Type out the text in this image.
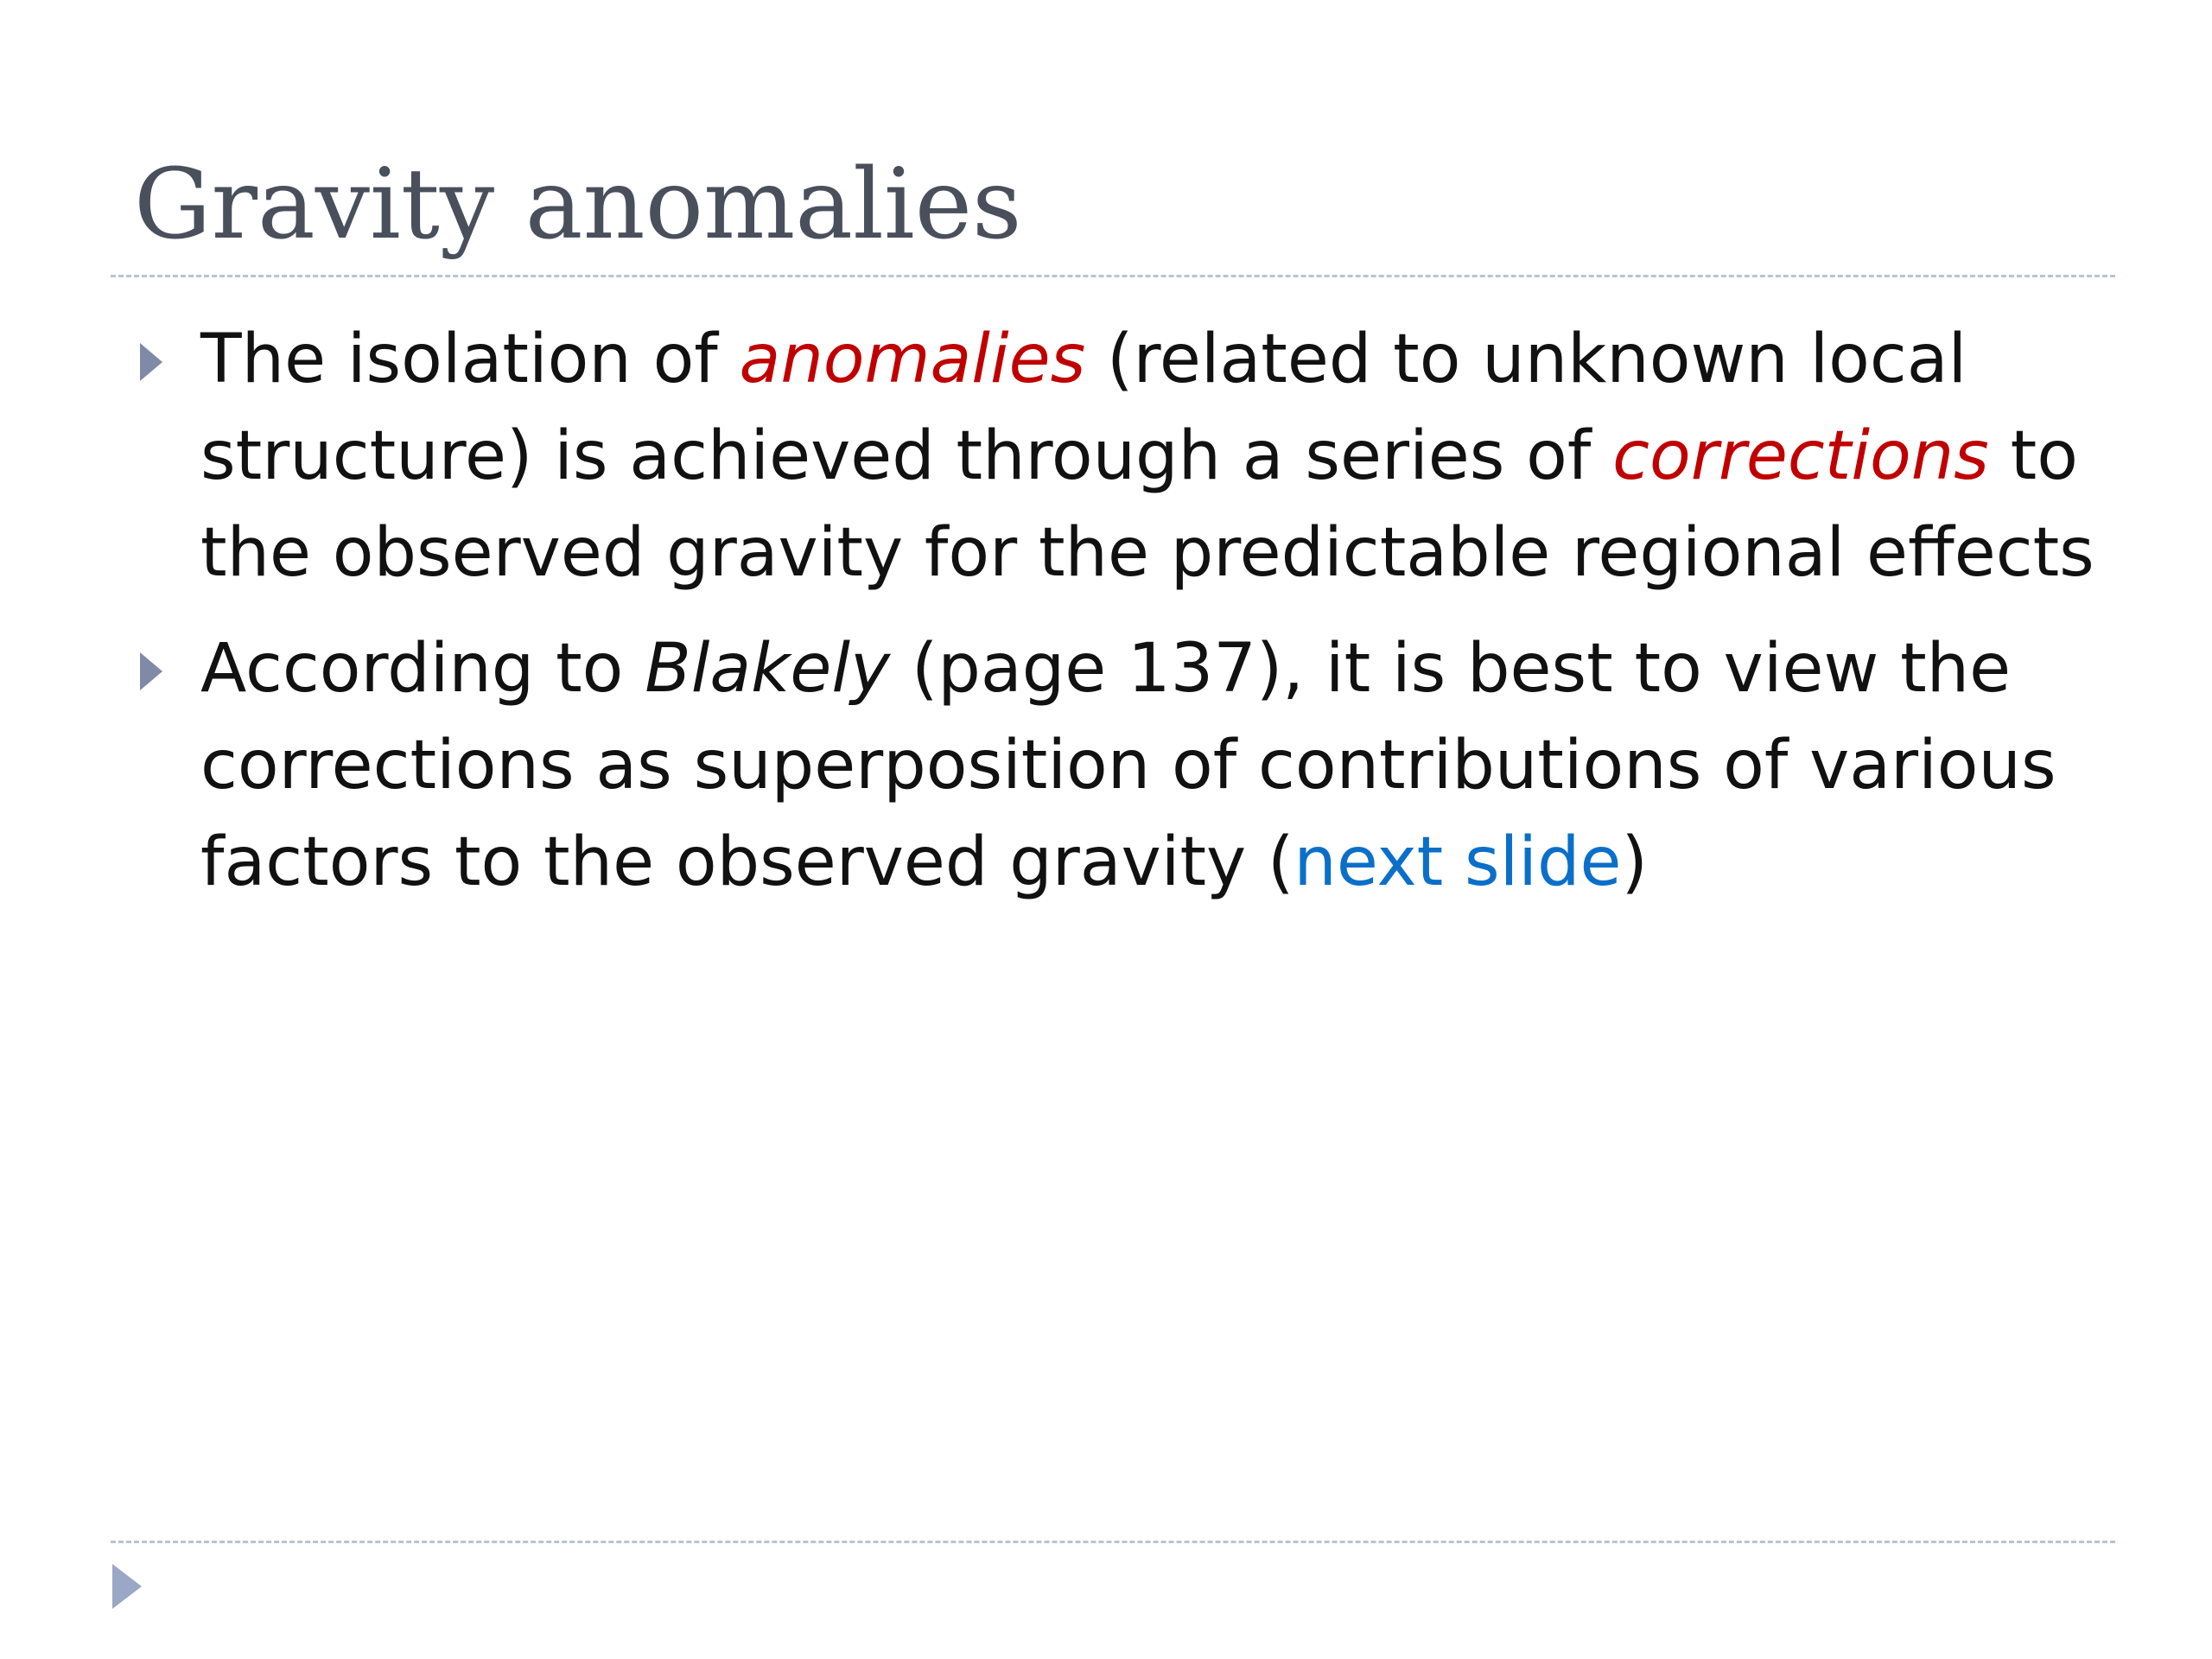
Gravity anomalies
The isolation of anomalies (related to unknown local structure) is achieved through a series of corrections to the observed gravity for the predictable regional effects
According to Blakely (page 137), it is best to view the corrections as superposition of contributions of various factors to the observed gravity (next slide)
